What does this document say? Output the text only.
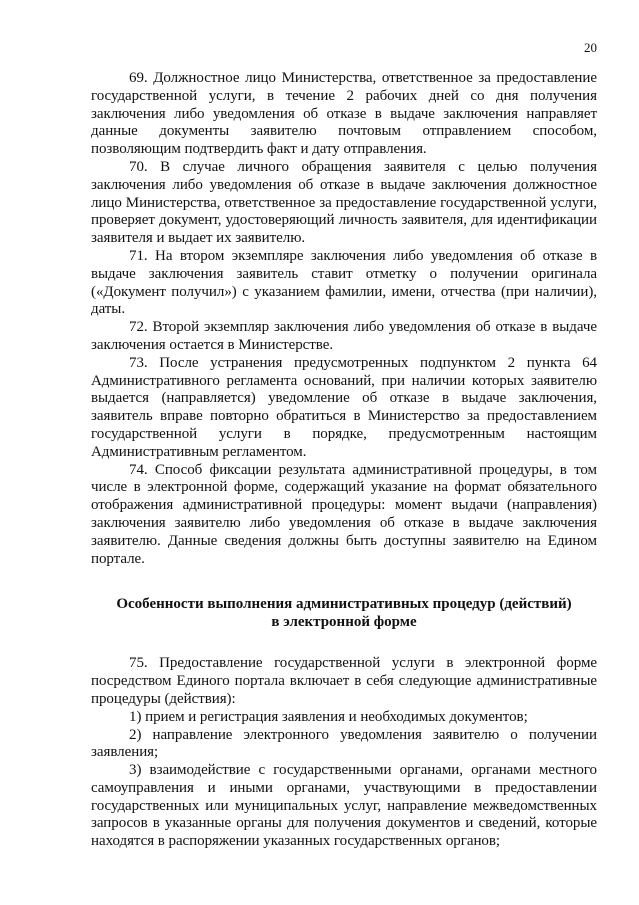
20

69. Должностное лицо Министерства, ответственное за предоставление государственной услуги, в течение 2 рабочих дней со дня получения заключения либо уведомления об отказе в выдаче заключения направляет данные документы заявителю почтовым отправлением способом, позволяющим подтвердить факт и дату отправления.

70. В случае личного обращения заявителя с целью получения заключения либо уведомления об отказе в выдаче заключения должностное лицо Министерства, ответственное за предоставление государственной услуги, проверяет документ, удостоверяющий личность заявителя, для идентификации заявителя и выдает их заявителю.

71. На втором экземпляре заключения либо уведомления об отказе в выдаче заключения заявитель ставит отметку о получении оригинала («Документ получил») с указанием фамилии, имени, отчества (при наличии), даты.

72. Второй экземпляр заключения либо уведомления об отказе в выдаче заключения остается в Министерстве.

73. После устранения предусмотренных подпунктом 2 пункта 64 Административного регламента оснований, при наличии которых заявителю выдается (направляется) уведомление об отказе в выдаче заключения, заявитель вправе повторно обратиться в Министерство за предоставлением государственной услуги в порядке, предусмотренным настоящим Административным регламентом.

74. Способ фиксации результата административной процедуры, в том числе в электронной форме, содержащий указание на формат обязательного отображения административной процедуры: момент выдачи (направления) заключения заявителю либо уведомления об отказе в выдаче заключения заявителю. Данные сведения должны быть доступны заявителю на Едином портале.

Особенности выполнения административных процедур (действий)
в электронной форме

75. Предоставление государственной услуги в электронной форме посредством Единого портала включает в себя следующие административные процедуры (действия):

1) прием и регистрация заявления и необходимых документов;

2) направление электронного уведомления заявителю о получении заявления;

3) взаимодействие с государственными органами, органами местного самоуправления и иными органами, участвующими в предоставлении государственных или муниципальных услуг, направление межведомственных запросов в указанные органы для получения документов и сведений, которые находятся в распоряжении указанных государственных органов;
